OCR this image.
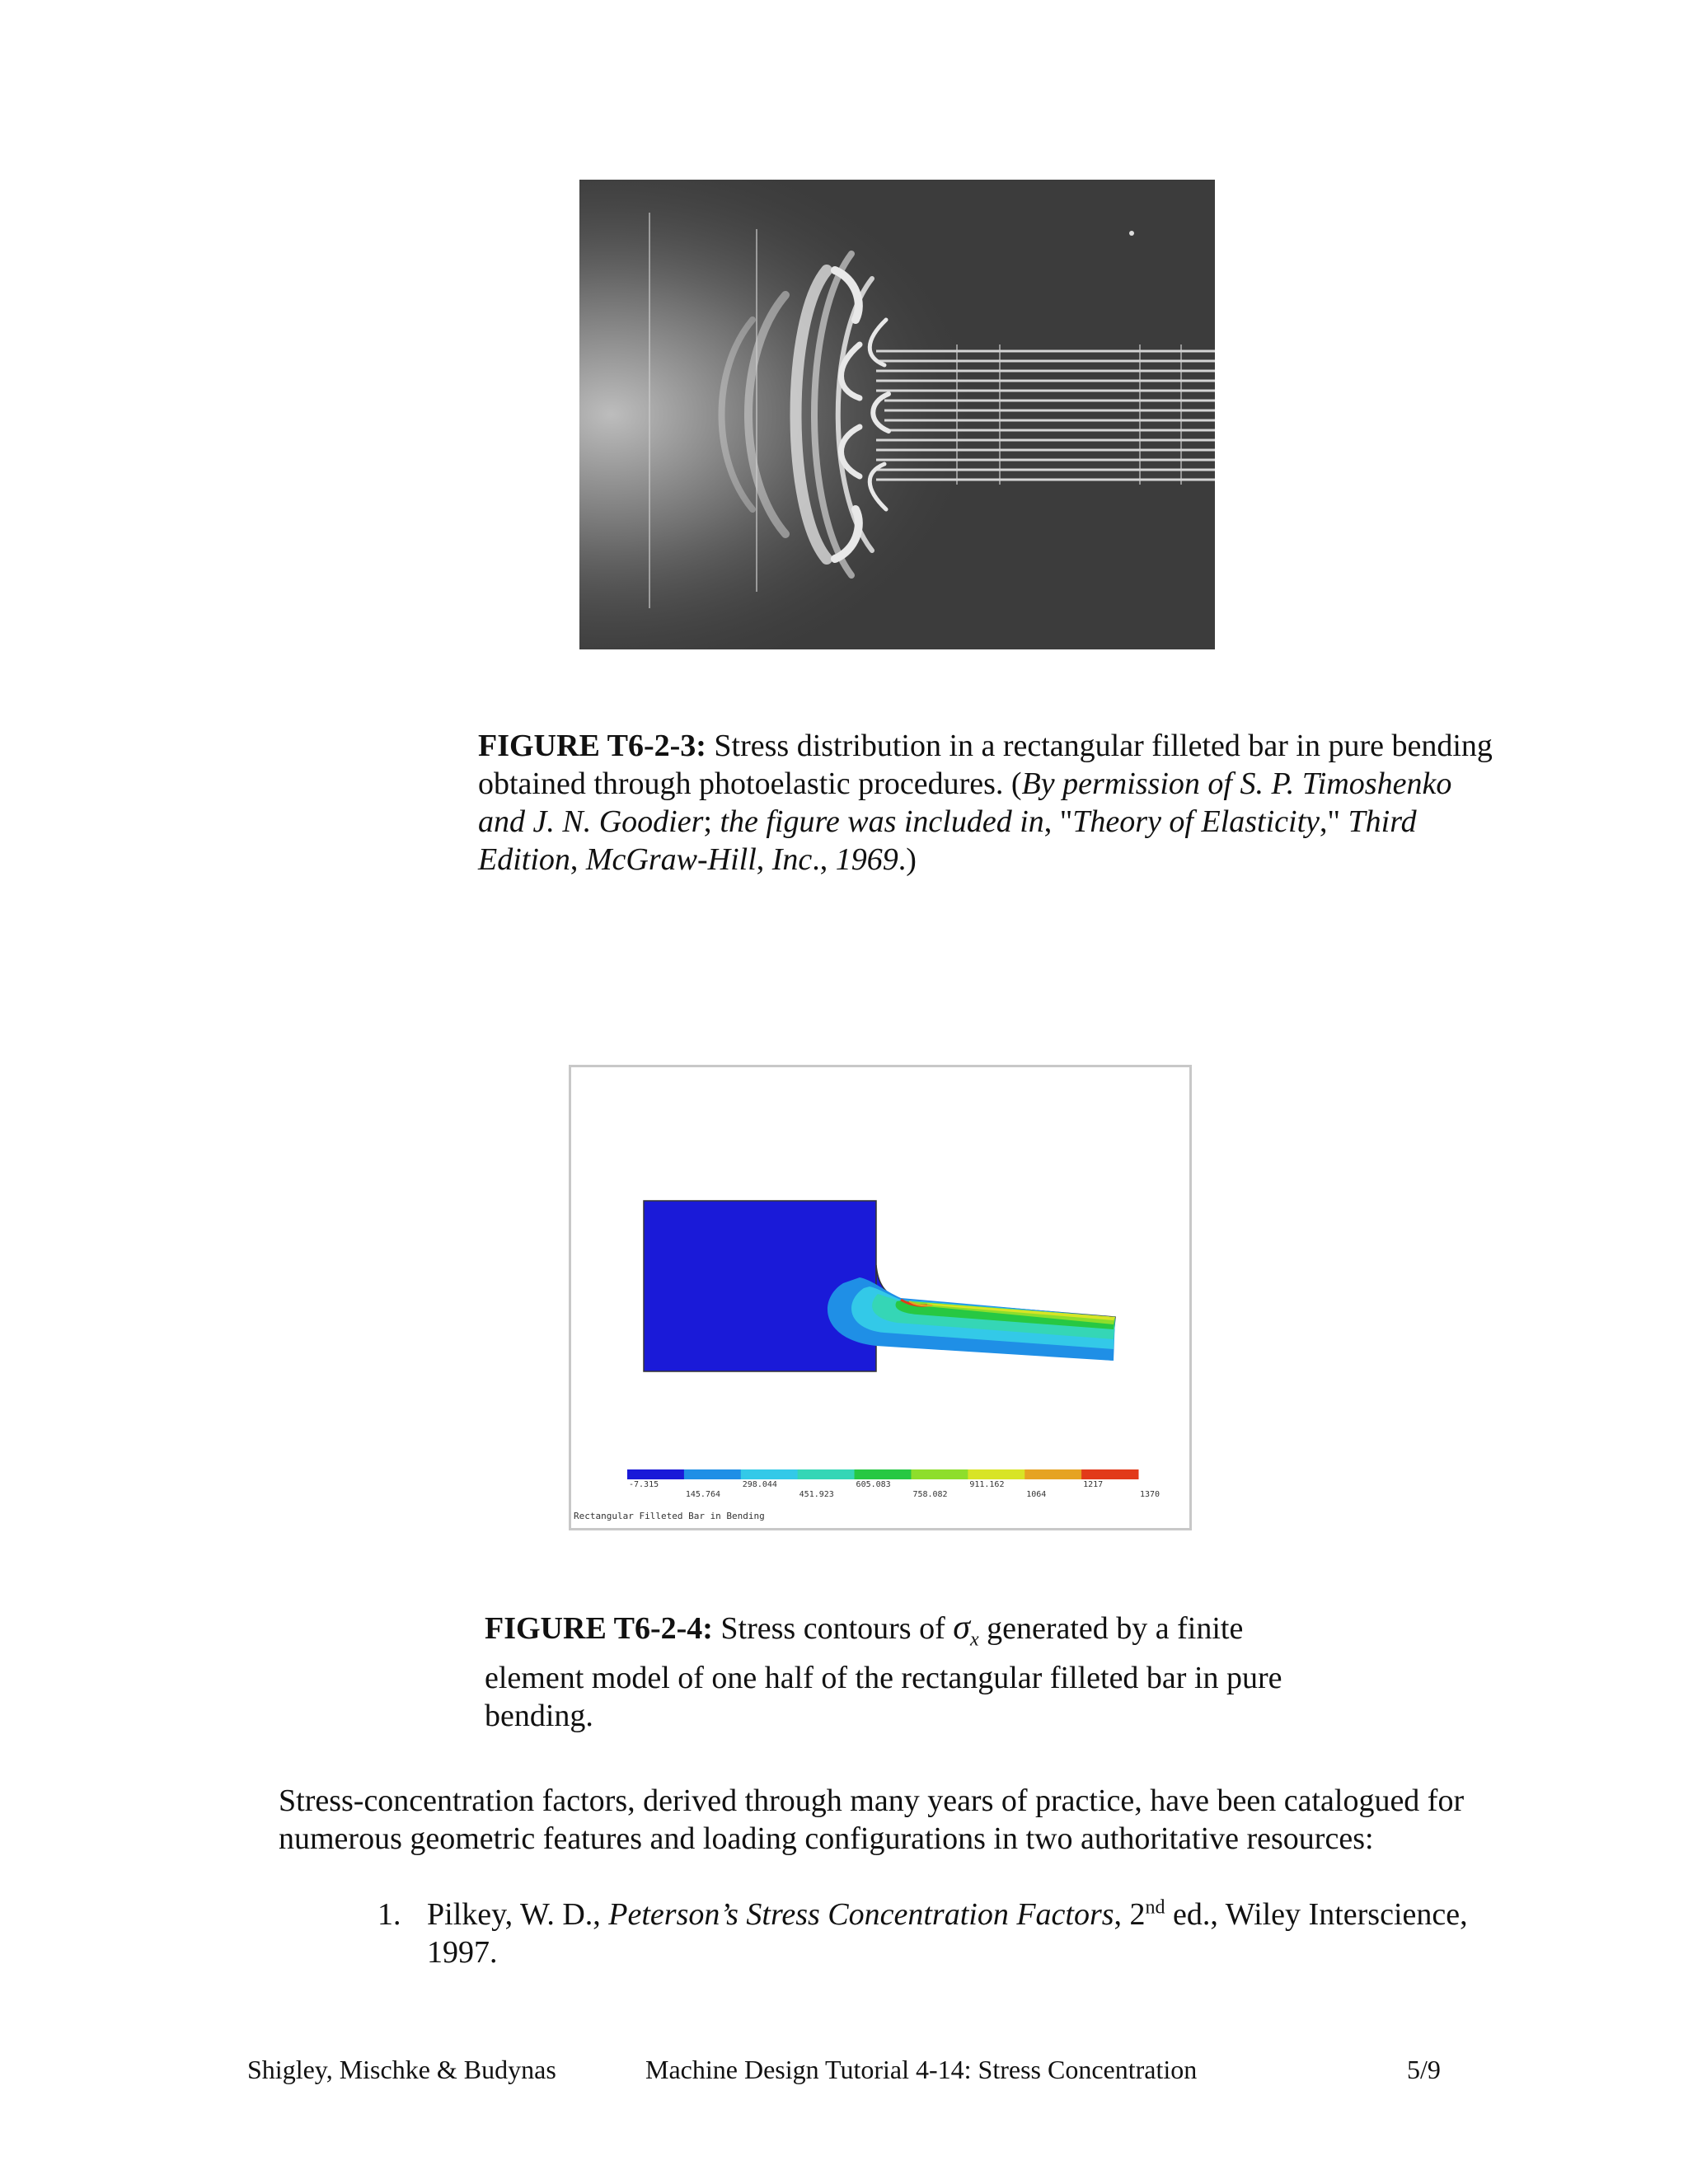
FIGURE T6-2-3: Stress distribution in a rectangular filleted bar in pure bending obtained through photoelastic procedures. (By permission of S. P. Timoshenko and J. N. Goodier; the figure was included in, "Theory of Elasticity," Third Edition, McGraw-Hill, Inc., 1969.)
-7.315	298.044	605.083	911.162	1217
145.764	451.923	758.082	1064	1370
Rectangular Filleted Bar in Bending
FIGURE T6-2-4: Stress contours of $\sigma_x$ generated by a finite element model of one half of the rectangular filleted bar in pure bending.
Stress-concentration factors, derived through many years of practice, have been catalogued for numerous geometric features and loading configurations in two authoritative resources:
1. Pilkey, W. D., Peterson’s Stress Concentration Factors, 2nd ed., Wiley Interscience, 1997.
Shigley, Mischke & Budynas	Machine Design Tutorial 4-14: Stress Concentration	5/9
